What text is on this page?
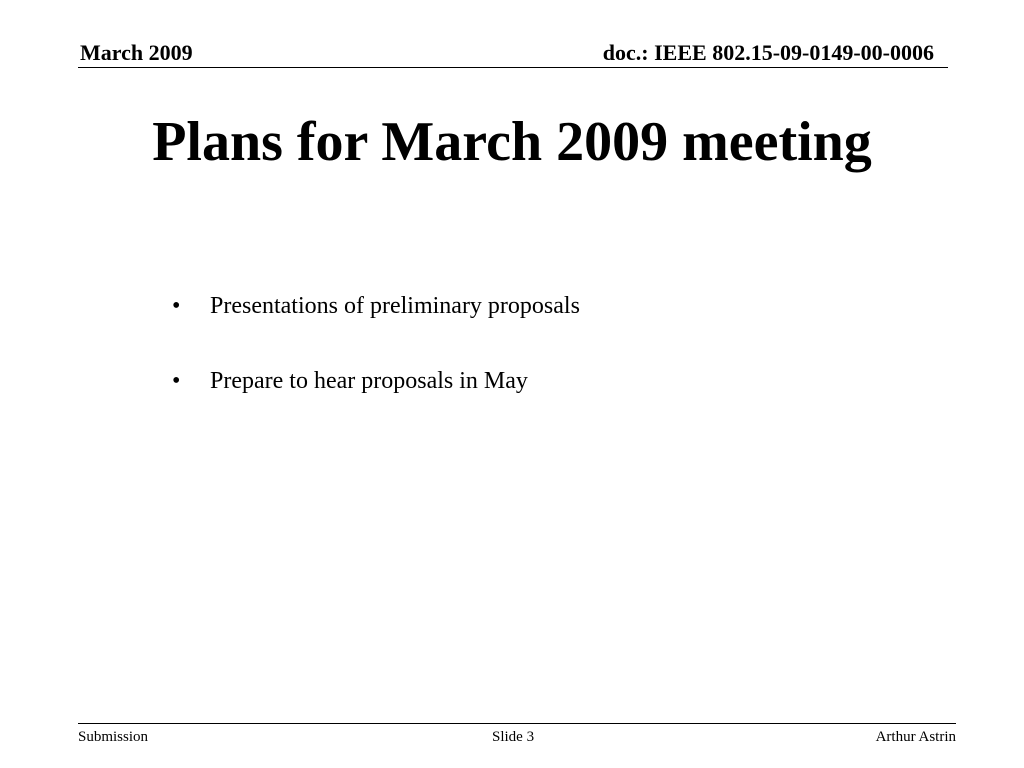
March 2009	doc.: IEEE 802.15-09-0149-00-0006
Plans for March 2009 meeting
•	Presentations of preliminary proposals
•	Prepare to hear proposals in May
Submission	Slide 3	Arthur Astrin
